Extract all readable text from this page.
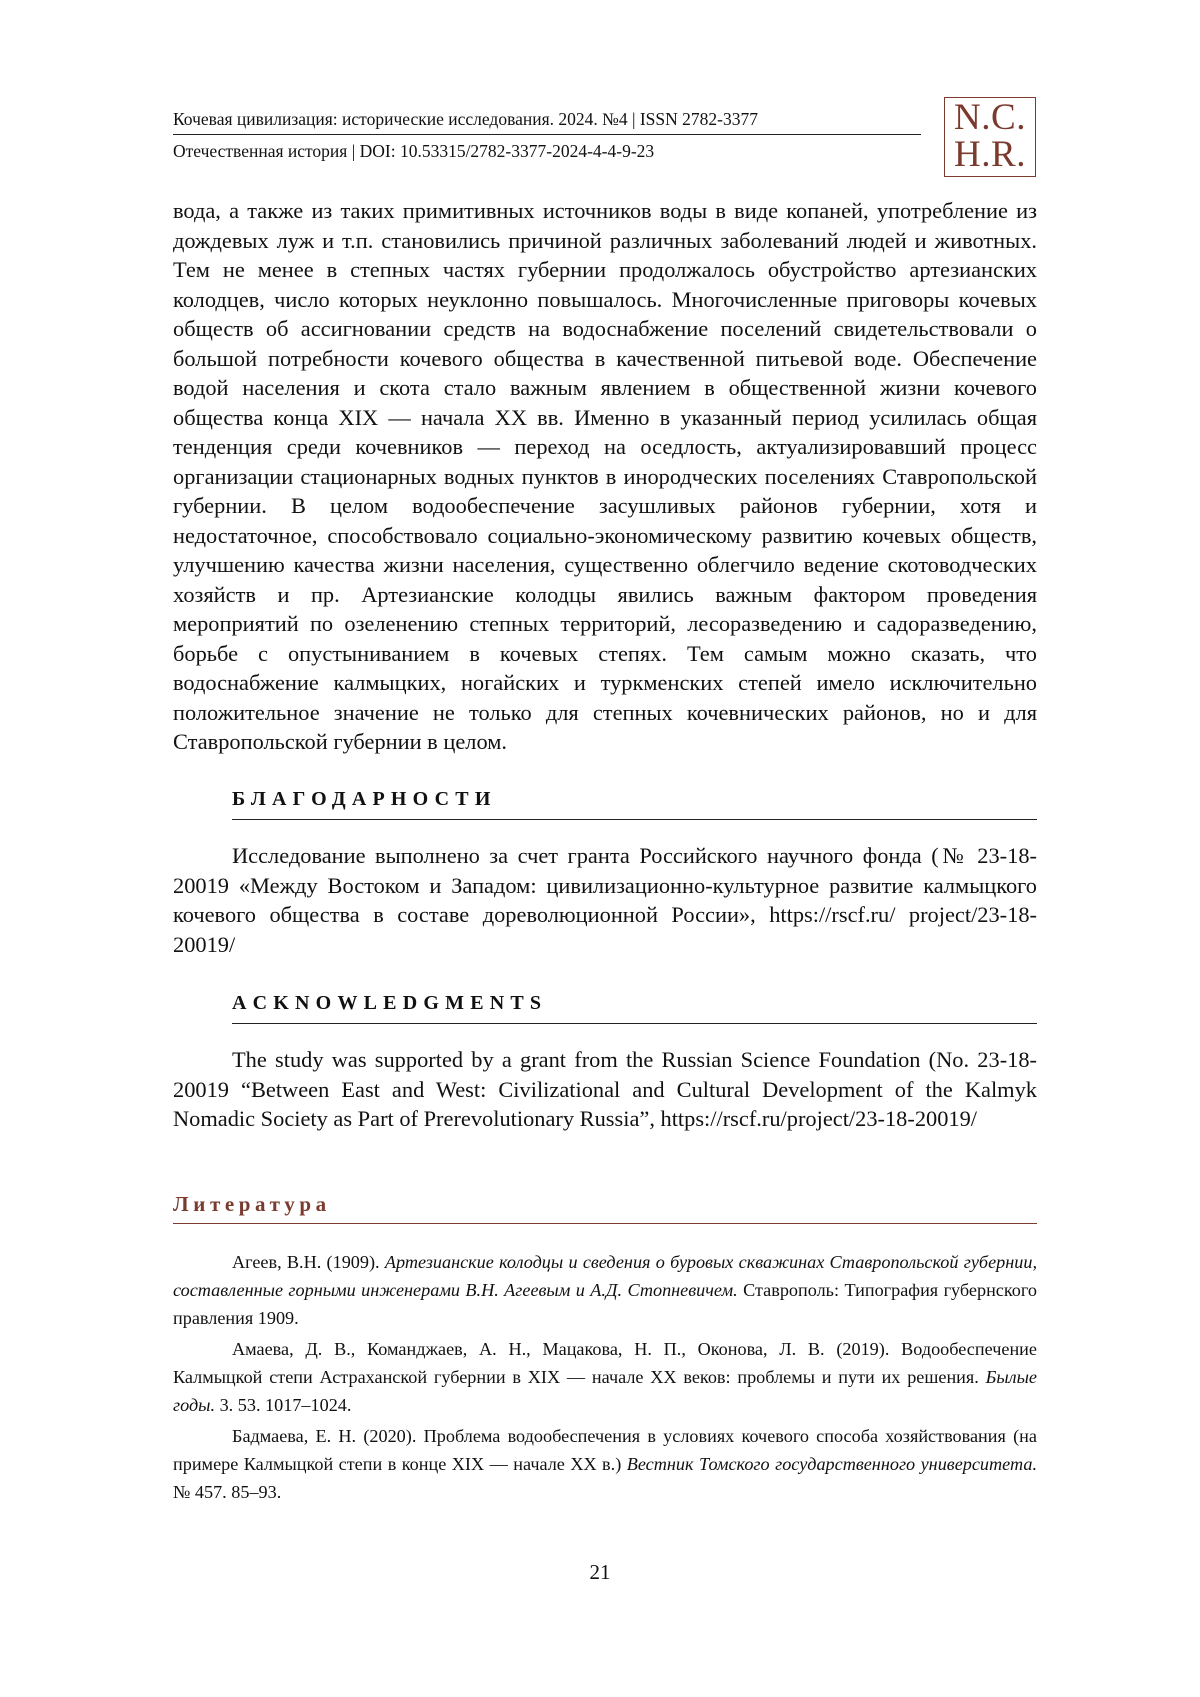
Кочевая цивилизация: исторические исследования. 2024. №4 | ISSN 2782-3377
Отечественная история | DOI: 10.53315/2782-3377-2024-4-4-9-23
N.C.
H.R.

вода, а также из таких примитивных источников воды в виде копаней, употребление из дождевых луж и т.п. становились причиной различных заболеваний людей и животных. Тем не менее в степных частях губернии продолжалось обустройство артезианских колодцев, число которых неуклонно повышалось. Многочисленные приговоры кочевых обществ об ассигновании средств на водоснабжение поселений свидетельствовали о большой потребности кочевого общества в качественной питьевой воде. Обеспечение водой населения и скота стало важным явлением в общественной жизни кочевого общества конца XIX — начала XX вв. Именно в указанный период усилилась общая тенденция среди кочевников — переход на оседлость, актуализировавший процесс организации стационарных водных пунктов в инородческих поселениях Ставропольской губернии. В целом водообеспечение засушливых районов губернии, хотя и недостаточное, способствовало социально-экономическому развитию кочевых обществ, улучшению качества жизни населения, существенно облегчило ведение скотоводческих хозяйств и пр. Артезианские колодцы явились важным фактором проведения мероприятий по озеленению степных территорий, лесоразведению и садоразведению, борьбе с опустыниванием в кочевых степях. Тем самым можно сказать, что водоснабжение калмыцких, ногайских и туркменских степей имело исключительно положительное значение не только для степных кочевнических районов, но и для Ставропольской губернии в целом.

БЛАГОДАРНОСТИ

Исследование выполнено за счет гранта Российского научного фонда (№ 23-18-20019 «Между Востоком и Западом: цивилизационно-культурное развитие калмыцкого кочевого общества в составе дореволюционной России», https://rscf.ru/ project/23-18-20019/

ACKNOWLEDGMENTS

The study was supported by a grant from the Russian Science Foundation (No. 23-18-20019 “Between East and West: Civilizational and Cultural Development of the Kalmyk Nomadic Society as Part of Prerevolutionary Russia”, https://rscf.ru/project/23-18-20019/

Литература

Агеев, В.Н. (1909). Артезианские колодцы и сведения о буровых скважинах Ставропольской губернии, составленные горными инженерами В.Н. Агеевым и А.Д. Стопневичем. Ставрополь: Типография губернского правления 1909.

Амаева, Д. В., Команджаев, А. Н., Мацакова, Н. П., Оконова, Л. В. (2019). Водообеспечение Калмыцкой степи Астраханской губернии в XIX — начале XX веков: проблемы и пути их решения. Былые годы. 3. 53. 1017–1024.

Бадмаева, Е. Н. (2020). Проблема водообеспечения в условиях кочевого способа хозяйствования (на примере Калмыцкой степи в конце XIX — начале XX в.) Вестник Томского государственного университета. № 457. 85–93.

21
